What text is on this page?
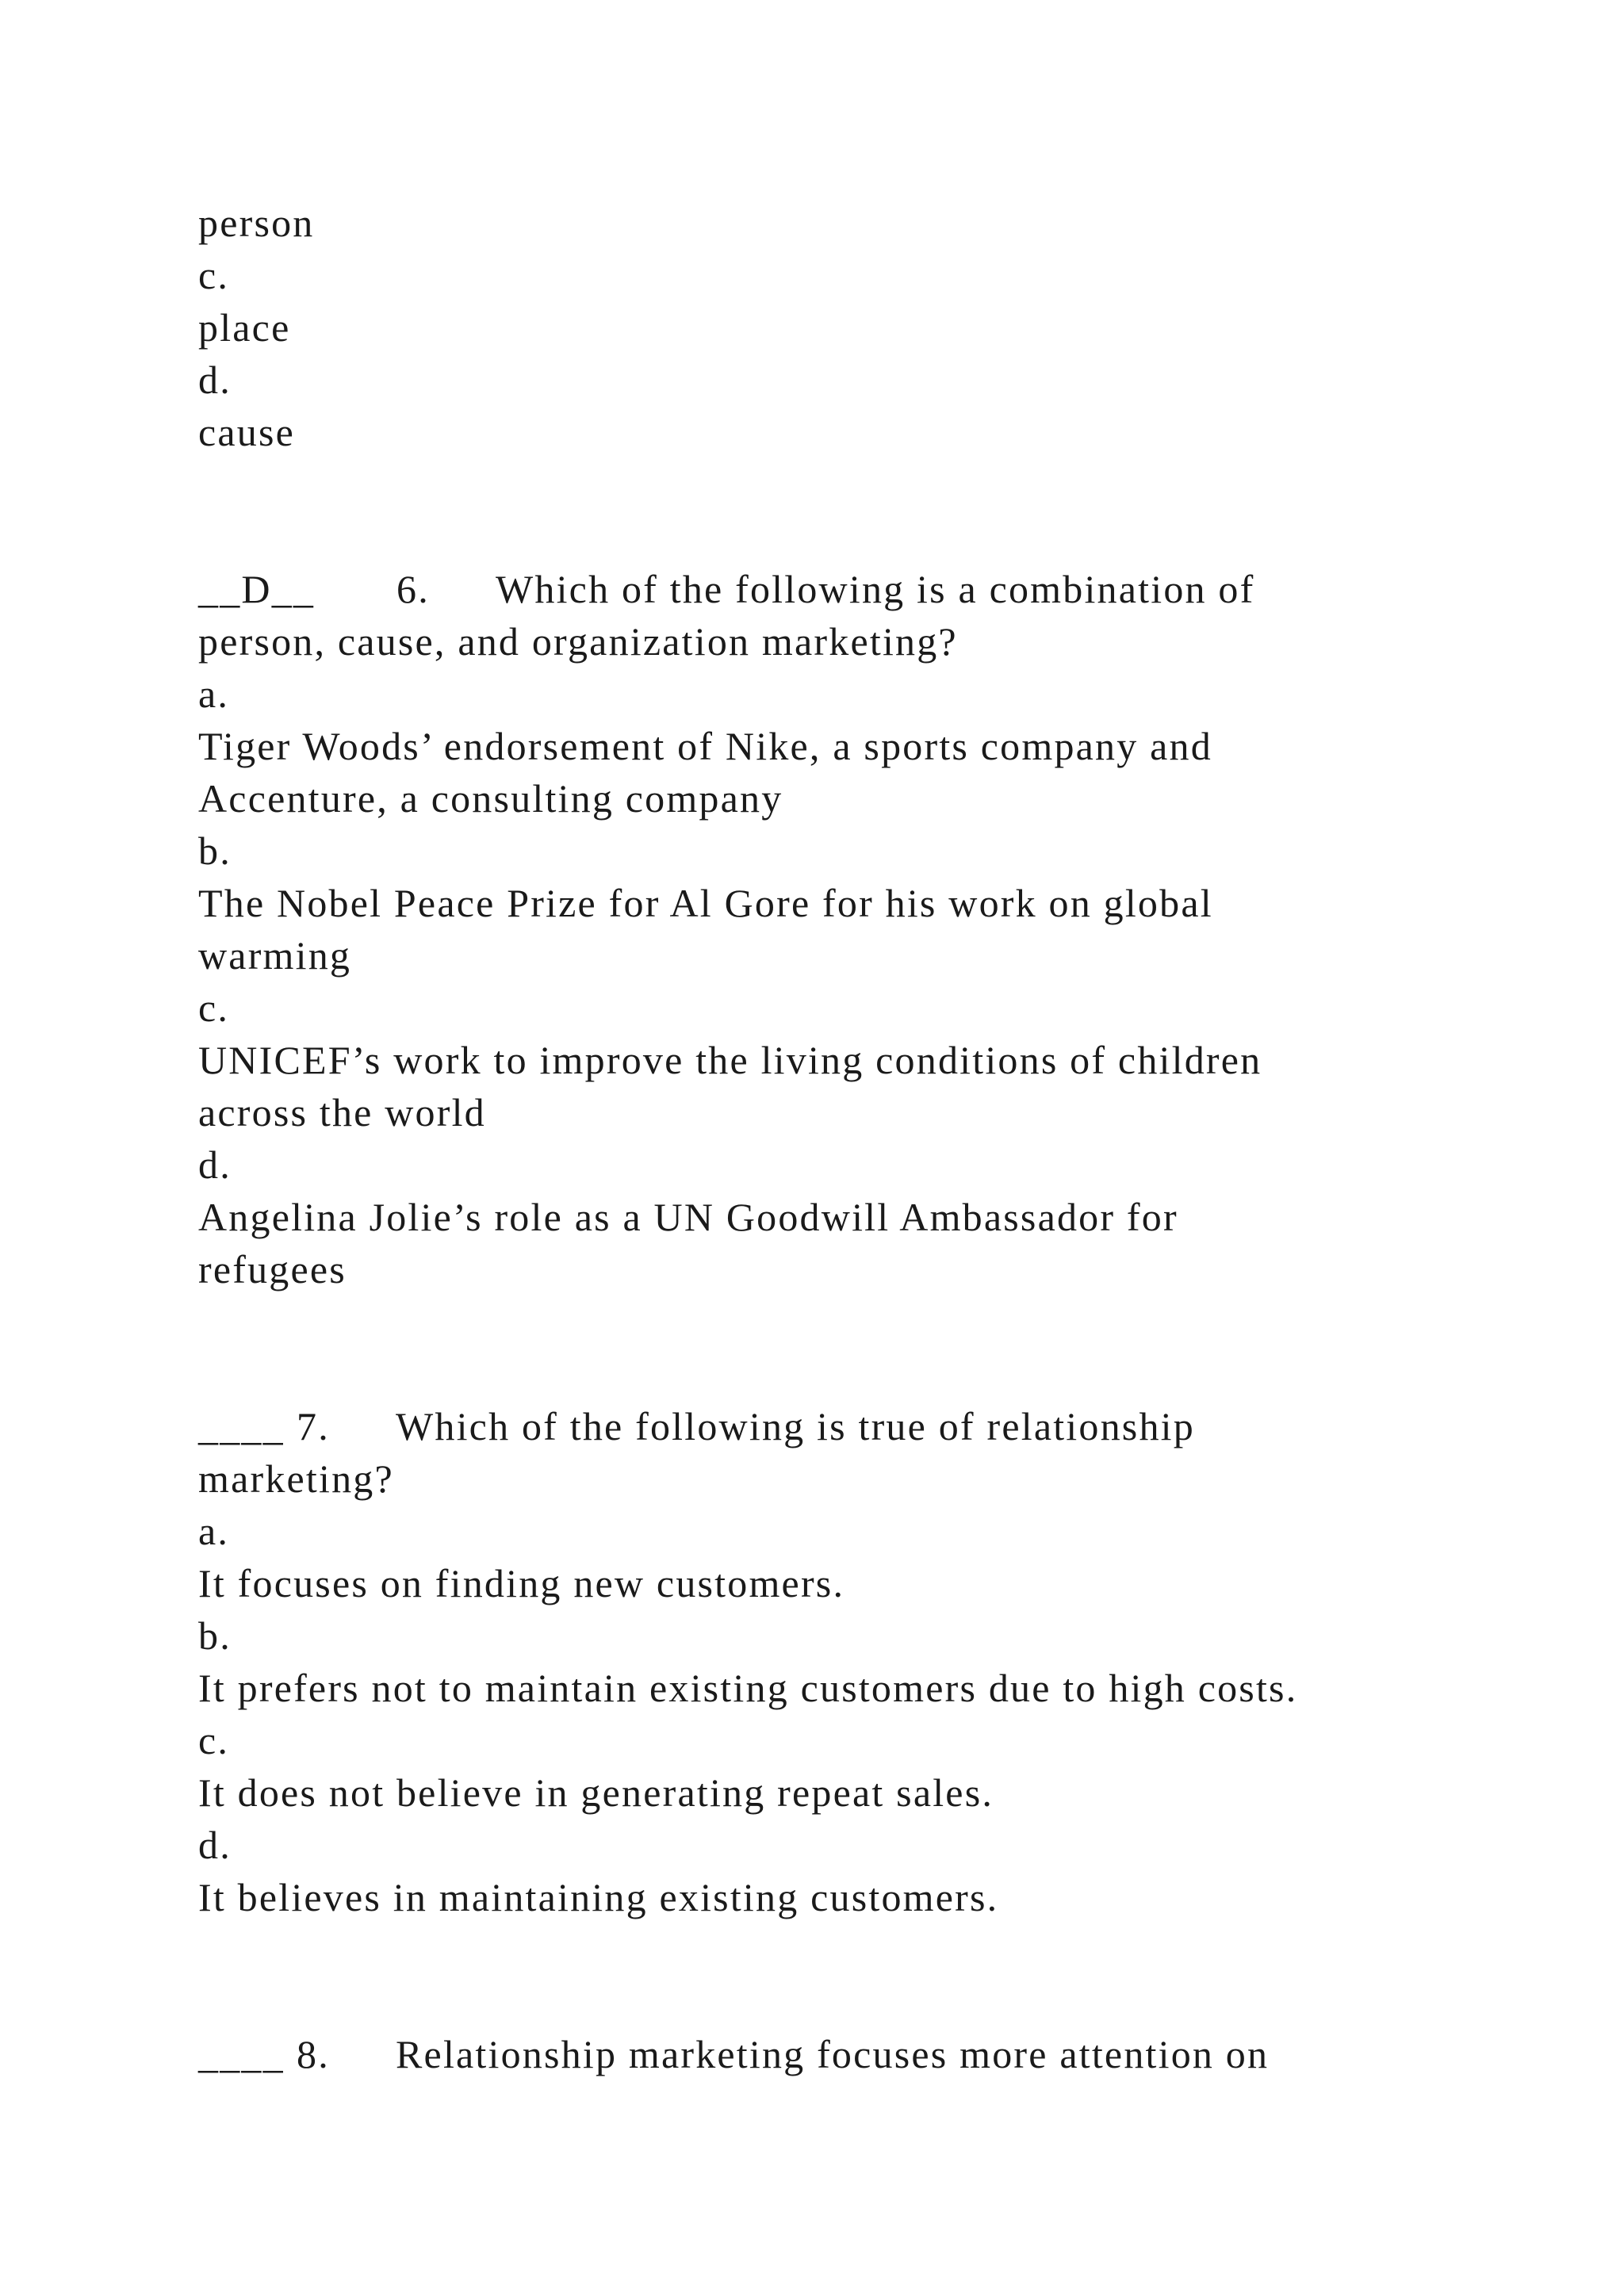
person
c.
place
d.
cause
__D__	6.	Which of the following is a combination of
person, cause, and organization marketing?
a.
Tiger Woods’ endorsement of Nike, a sports company and
Accenture, a consulting company
b.
The Nobel Peace Prize for Al Gore for his work on global
warming
c.
UNICEF’s work to improve the living conditions of children
across the world
d.
Angelina Jolie’s role as a UN Goodwill Ambassador for
refugees
____ 7.	Which of the following is true of relationship
marketing?
a.
It focuses on finding new customers.
b.
It prefers not to maintain existing customers due to high costs.
c.
It does not believe in generating repeat sales.
d.
It believes in maintaining existing customers.
____ 8.	Relationship marketing focuses more attention on
